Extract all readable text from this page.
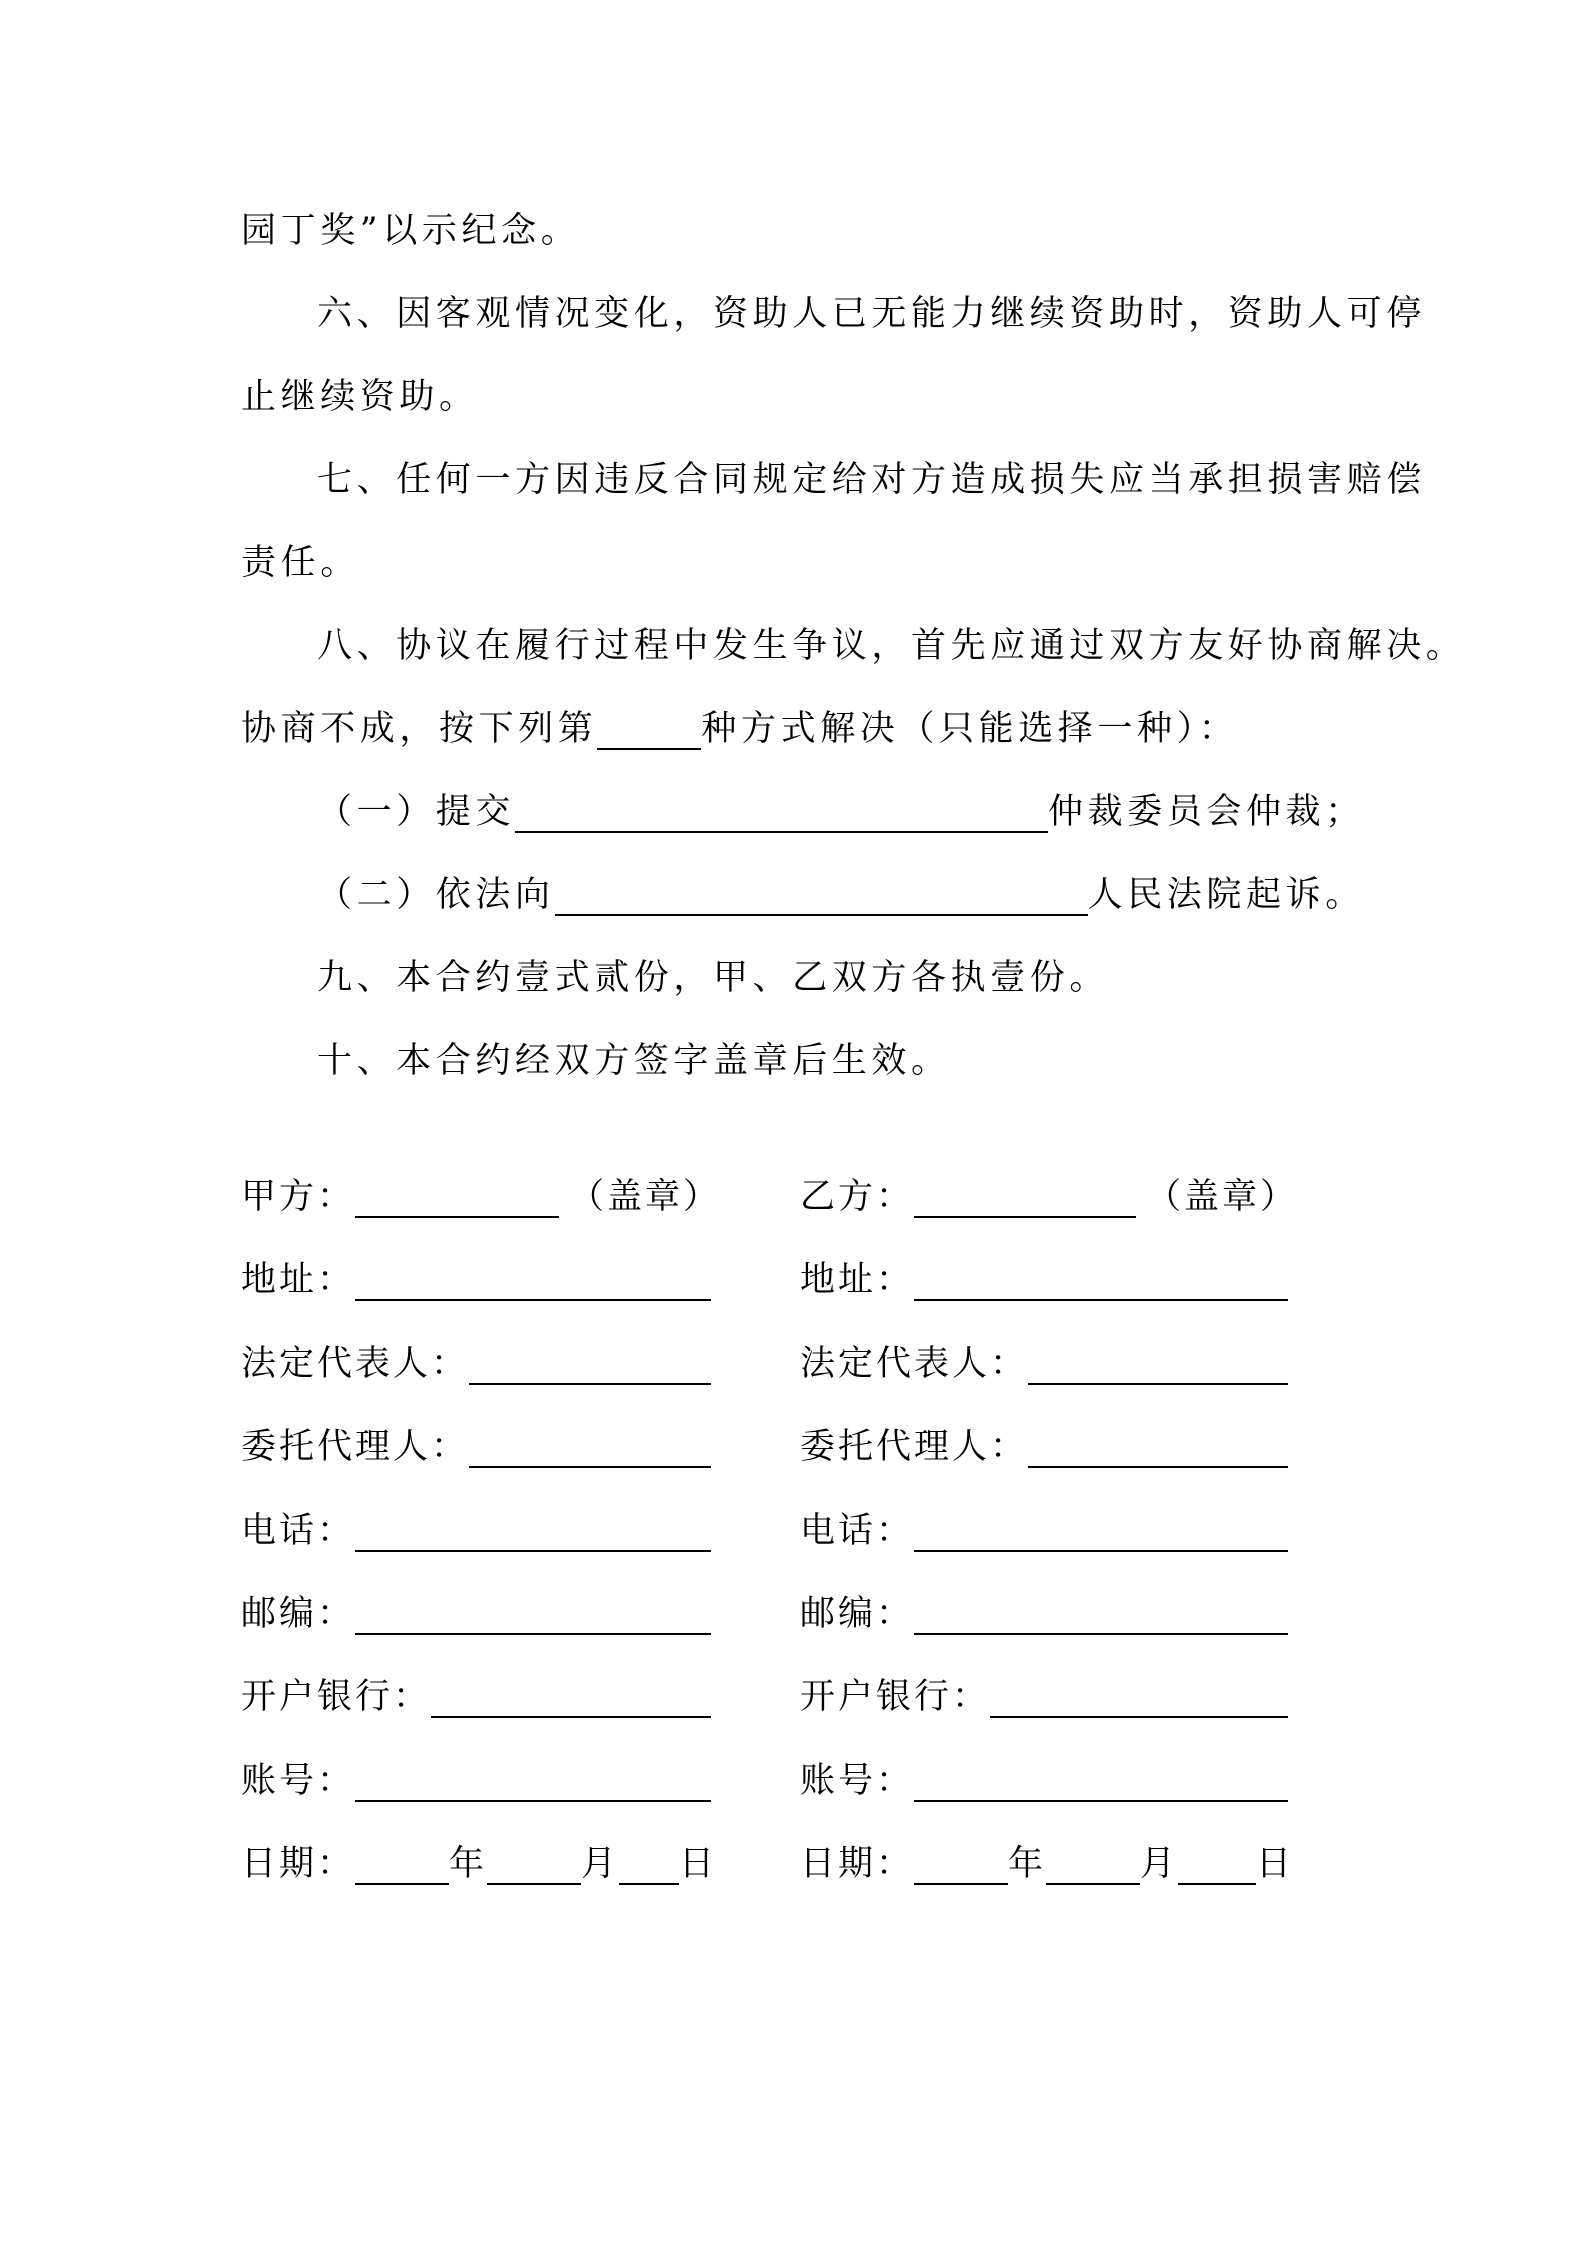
园丁奖”以示纪念。
六、因客观情况变化，资助人已无能力继续资助时，资助人可停
止继续资助。
七、任何一方因违反合同规定给对方造成损失应当承担损害赔偿
责任。
八、协议在履行过程中发生争议，首先应通过双方友好协商解决。
协商不成，按下列第	种方式解决（只能选择一种）：
（一）提交	仲裁委员会仲裁；
（二）依法向	人民法院起诉。
九、本合约壹式贰份，甲、乙双方各执壹份。
十、本合约经双方签字盖章后生效。
甲方：	（盖章） 乙方：	（盖章）
地址：	地址：
法定代表人：	法定代表人：
委托代理人：	委托代理人：
电话：	电话：
邮编：	邮编：
开户银行：	开户银行：
账号：	账号：
日期：	年	月 日 日期：	年	月 日
